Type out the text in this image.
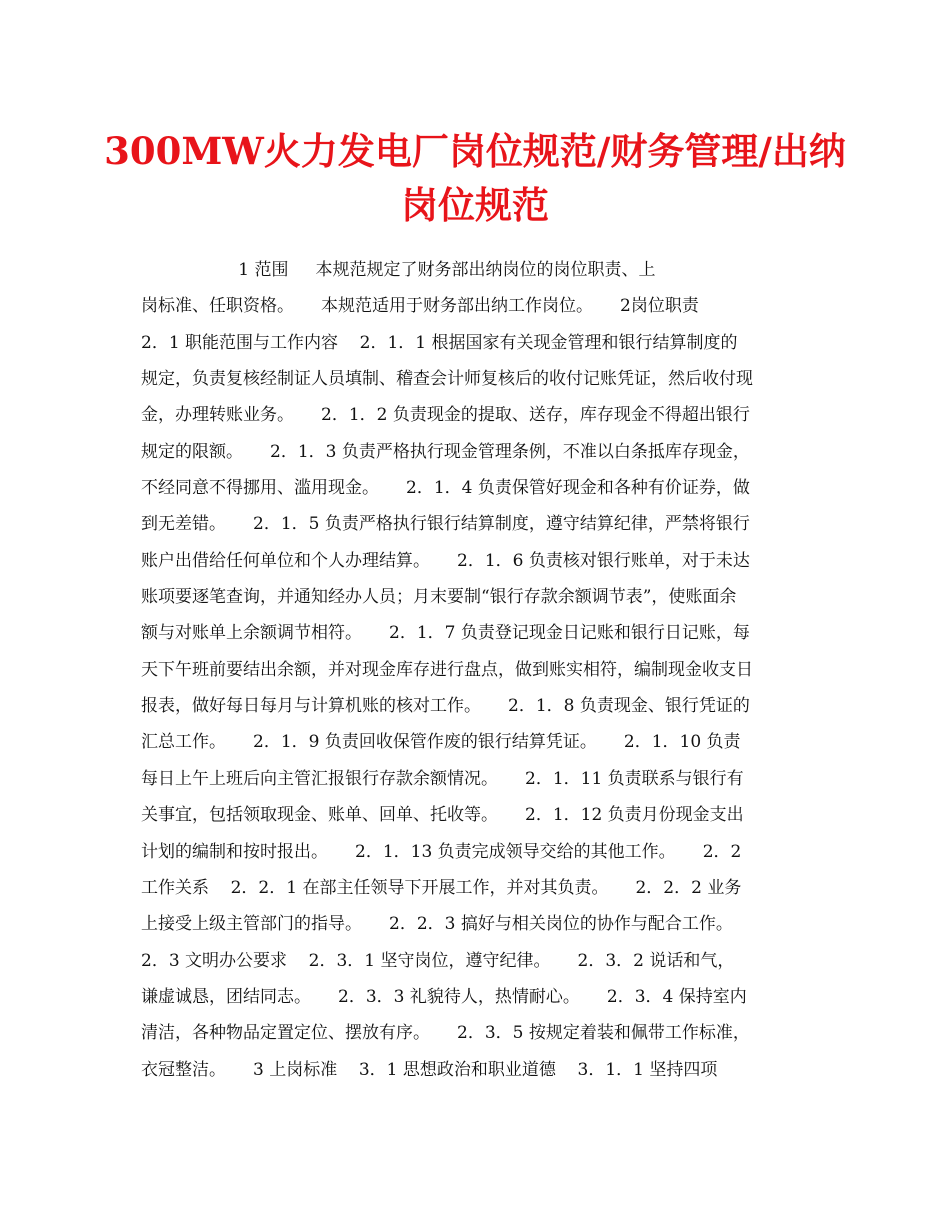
300MW火力发电厂岗位规范/财务管理/出纳
岗位规范
1 范围     本规范规定了财务部出纳岗位的岗位职责、上
岗标准、任职资格。     本规范适用于财务部出纳工作岗位。     2岗位职责
2．1 职能范围与工作内容    2．1．1 根据国家有关现金管理和银行结算制度的
规定，负责复核经制证人员填制、稽查会计师复核后的收付记账凭证，然后收付现
金，办理转账业务。     2．1．2 负责现金的提取、送存，库存现金不得超出银行
规定的限额。     2．1．3 负责严格执行现金管理条例，不准以白条抵库存现金，
不经同意不得挪用、滥用现金。     2．1．4 负责保管好现金和各种有价证券，做
到无差错。     2．1．5 负责严格执行银行结算制度，遵守结算纪律，严禁将银行
账户出借给任何单位和个人办理结算。     2．1．6 负责核对银行账单，对于未达
账项要逐笔查询，并通知经办人员；月末要制“银行存款余额调节表”，使账面余
额与对账单上余额调节相符。     2．1．7 负责登记现金日记账和银行日记账，每
天下午班前要结出余额，并对现金库存进行盘点，做到账实相符，编制现金收支日
报表，做好每日每月与计算机账的核对工作。     2．1．8 负责现金、银行凭证的
汇总工作。     2．1．9 负责回收保管作废的银行结算凭证。     2．1．10 负责
每日上午上班后向主管汇报银行存款余额情况。     2．1．11 负责联系与银行有
关事宜，包括领取现金、账单、回单、托收等。     2．1．12 负责月份现金支出
计划的编制和按时报出。     2．1．13 负责完成领导交给的其他工作。     2．2
工作关系    2．2．1 在部主任领导下开展工作，并对其负责。     2．2．2 业务
上接受上级主管部门的指导。     2．2．3 搞好与相关岗位的协作与配合工作。
2．3 文明办公要求    2．3．1 坚守岗位，遵守纪律。     2．3．2 说话和气，
谦虚诚恳，团结同志。     2．3．3 礼貌待人，热情耐心。     2．3．4 保持室内
清洁，各种物品定置定位、摆放有序。     2．3．5 按规定着装和佩带工作标准，
衣冠整洁。     3 上岗标准    3．1 思想政治和职业道德    3．1．1 坚持四项
